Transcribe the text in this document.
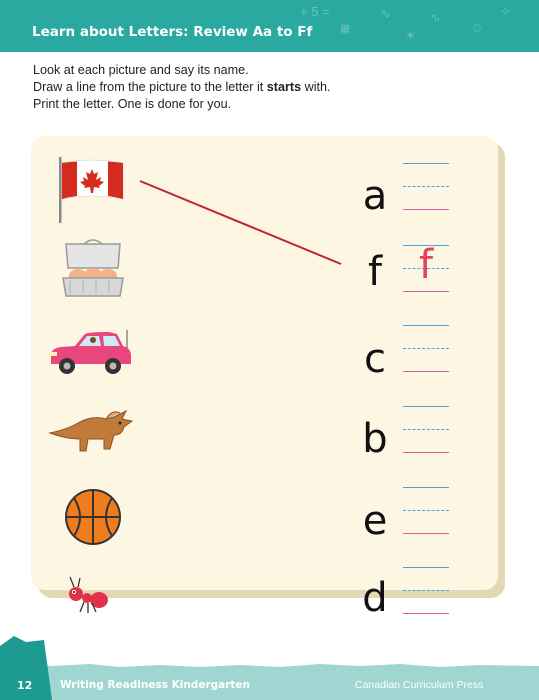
+ 5 =
▦
∿
✶
∿
☺
✧
Learn about Letters: Review Aa to Ff
Look at each picture and say its name.
Draw a line from the picture to the letter it starts with.
Print the letter. One is done for you.
a
f
c
b
e
d
f
12	Writing Readiness Kindergarten	Canadian Curriculum Press
